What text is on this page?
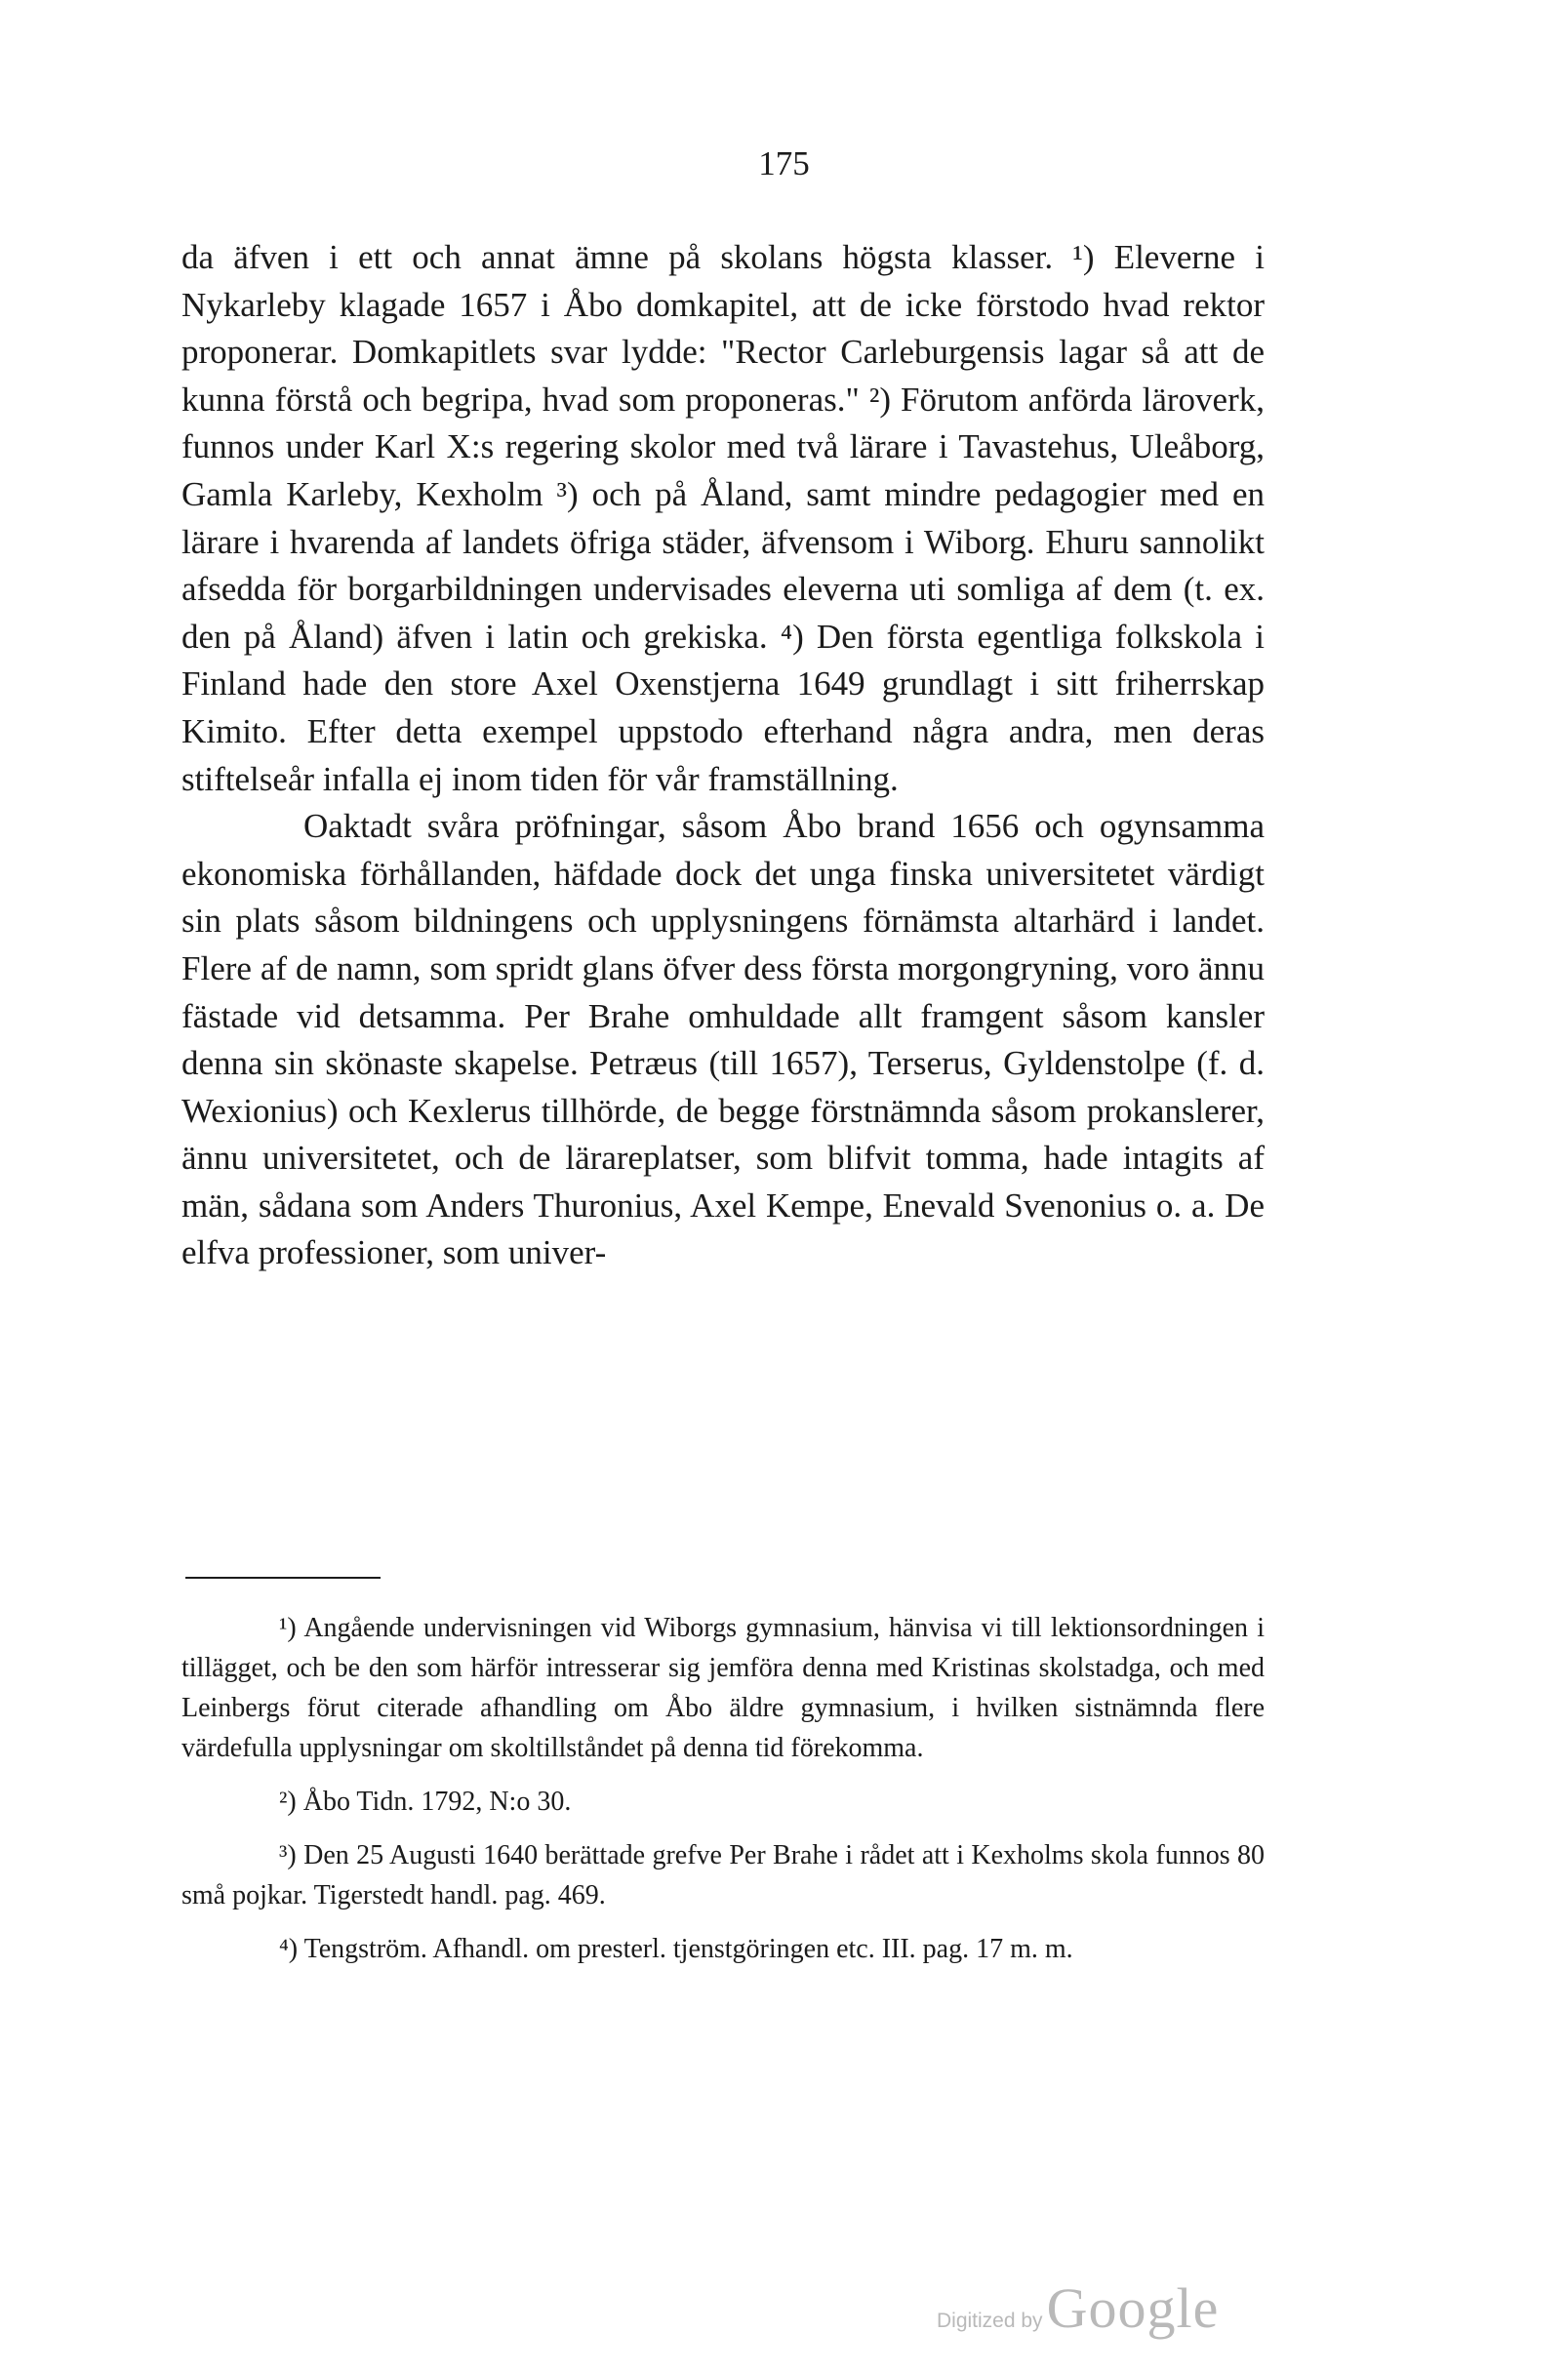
175

da äfven i ett och annat ämne på skolans högsta klasser. ¹) Eleverne i Nykarleby klagade 1657 i Åbo domkapitel, att de icke förstodo hvad rektor proponerar. Domkapitlets svar lydde: "Rector Carleburgensis lagar så att de kunna förstå och begripa, hvad som proponeras." ²) Förutom anförda läroverk, funnos under Karl X:s regering skolor med två lärare i Tavastehus, Uleåborg, Gamla Karleby, Kexholm ³) och på Åland, samt mindre pedagogier med en lärare i hvarenda af landets öfriga städer, äfvensom i Wiborg. Ehuru sannolikt afsedda för borgarbildningen undervisades eleverna uti somliga af dem (t. ex. den på Åland) äfven i latin och grekiska. ⁴) Den första egentliga folkskola i Finland hade den store Axel Oxenstjerna 1649 grundlagt i sitt friherrskap Kimito. Efter detta exempel uppstodo efterhand några andra, men deras stiftelseår infalla ej inom tiden för vår framställning.

Oaktadt svåra pröfningar, såsom Åbo brand 1656 och ogynsamma ekonomiska förhållanden, häfdade dock det unga finska universitetet värdigt sin plats såsom bildningens och upplysningens förnämsta altarhärd i landet. Flere af de namn, som spridt glans öfver dess första morgongryning, voro ännu fästade vid detsamma. Per Brahe omhuldade allt framgent såsom kansler denna sin skönaste skapelse. Petræus (till 1657), Terserus, Gyldenstolpe (f. d. Wexionius) och Kexlerus tillhörde, de begge förstnämnda såsom prokanslerer, ännu universitetet, och de lärareplatser, som blifvit tomma, hade intagits af män, sådana som Anders Thuronius, Axel Kempe, Enevald Svenonius o. a. De elfva professioner, som univer-

¹) Angående undervisningen vid Wiborgs gymnasium, hänvisa vi till lektionsordningen i tillägget, och be den som härför intresserar sig jemföra denna med Kristinas skolstadga, och med Leinbergs förut citerade afhandling om Åbo äldre gymnasium, i hvilken sistnämnda flere värdefulla upplysningar om skoltillståndet på denna tid förekomma.

²) Åbo Tidn. 1792, N:o 30.

³) Den 25 Augusti 1640 berättade grefve Per Brahe i rådet att i Kexholms skola funnos 80 små pojkar. Tigerstedt handl. pag. 469.

⁴) Tengström. Afhandl. om presterl. tjenstgöringen etc. III. pag. 17 m. m.

Digitized by Google
